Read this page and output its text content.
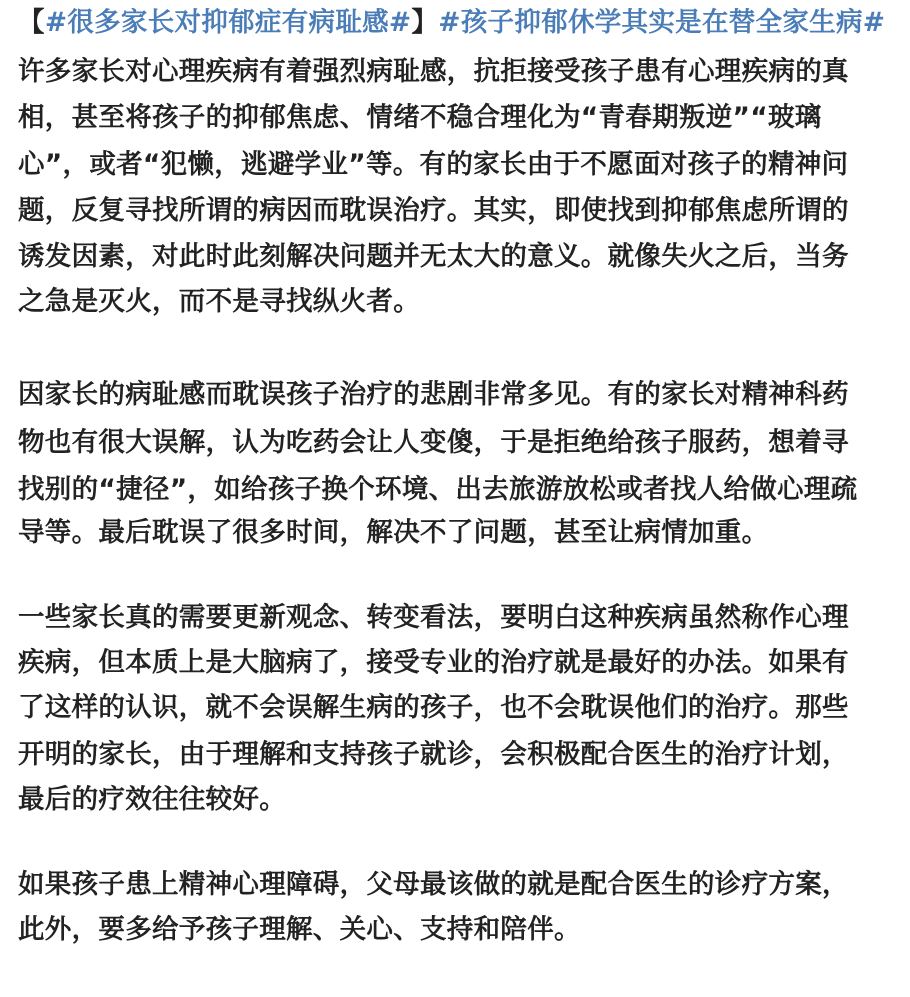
【#很多家长对抑郁症有病耻感#】#孩子抑郁休学其实是在替全家生病#
许多家长对心理疾病有着强烈病耻感，抗拒接受孩子患有心理疾病的真
相，甚至将孩子的抑郁焦虑、情绪不稳合理化为“青春期叛逆”“玻璃
心”，或者“犯懒，逃避学业”等。有的家长由于不愿面对孩子的精神问
题，反复寻找所谓的病因而耽误治疗。其实，即使找到抑郁焦虑所谓的
诱发因素，对此时此刻解决问题并无太大的意义。就像失火之后，当务
之急是灭火，而不是寻找纵火者。
因家长的病耻感而耽误孩子治疗的悲剧非常多见。有的家长对精神科药
物也有很大误解，认为吃药会让人变傻，于是拒绝给孩子服药，想着寻
找别的“捷径”，如给孩子换个环境、出去旅游放松或者找人给做心理疏
导等。最后耽误了很多时间，解决不了问题，甚至让病情加重。
一些家长真的需要更新观念、转变看法，要明白这种疾病虽然称作心理
疾病，但本质上是大脑病了，接受专业的治疗就是最好的办法。如果有
了这样的认识，就不会误解生病的孩子，也不会耽误他们的治疗。那些
开明的家长，由于理解和支持孩子就诊，会积极配合医生的治疗计划，
最后的疗效往往较好。
如果孩子患上精神心理障碍，父母最该做的就是配合医生的诊疗方案，
此外，要多给予孩子理解、关心、支持和陪伴。
